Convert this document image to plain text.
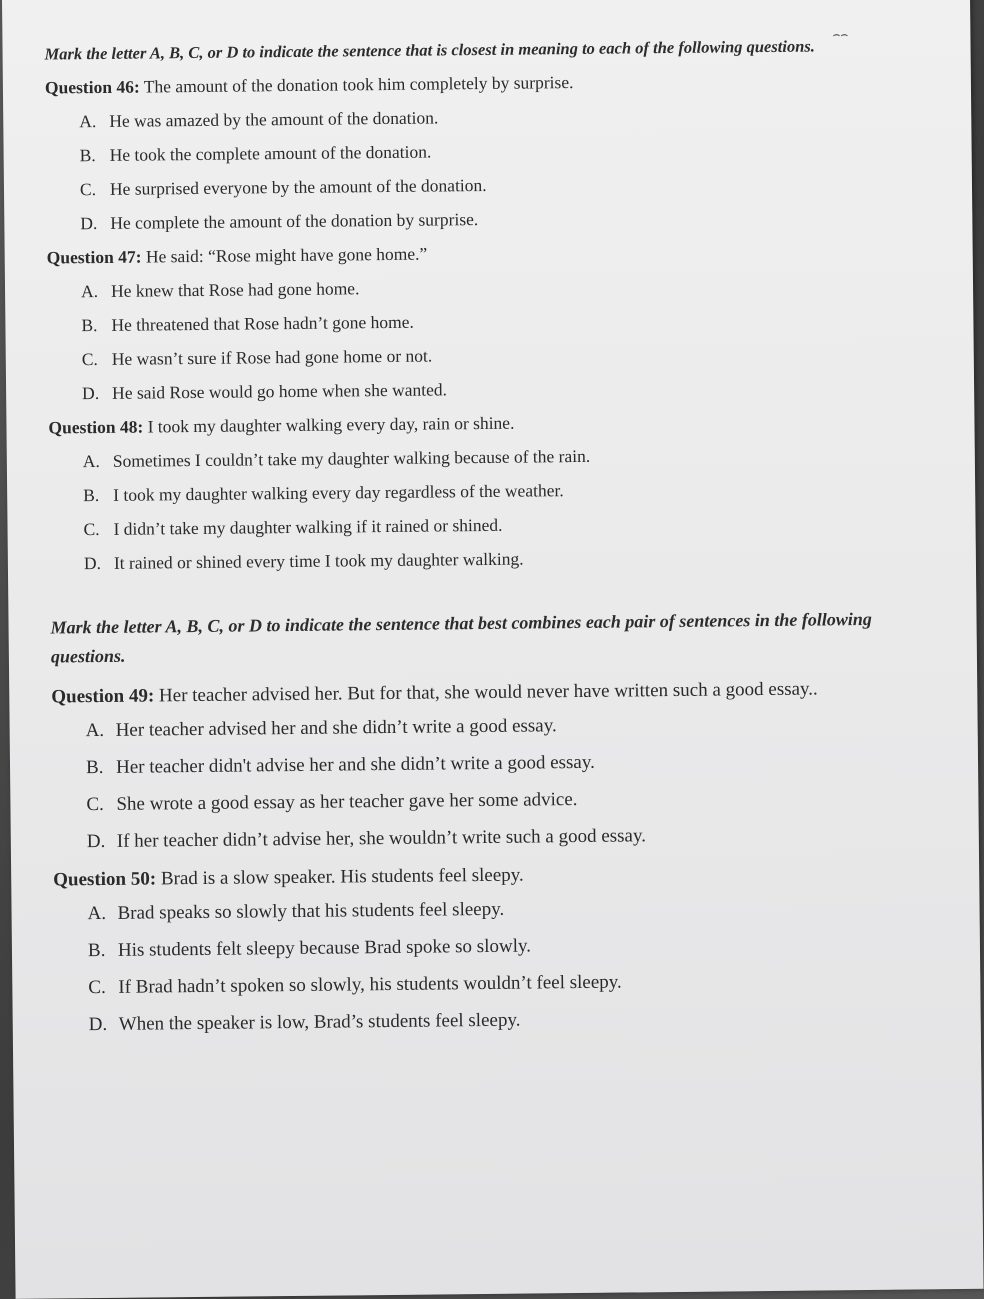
⌢⌢

Mark the letter A, B, C, or D to indicate the sentence that is closest in meaning to each of the following questions.

Question 46: The amount of the donation took him completely by surprise.

A. He was amazed by the amount of the donation.

B. He took the complete amount of the donation.

C. He surprised everyone by the amount of the donation.

D. He complete the amount of the donation by surprise.

Question 47: He said: “Rose might have gone home.”

A. He knew that Rose had gone home.

B. He threatened that Rose hadn’t gone home.

C. He wasn’t sure if Rose had gone home or not.

D. He said Rose would go home when she wanted.

Question 48: I took my daughter walking every day, rain or shine.

A. Sometimes I couldn’t take my daughter walking because of the rain.

B. I took my daughter walking every day regardless of the weather.

C. I didn’t take my daughter walking if it rained or shined.

D. It rained or shined every time I took my daughter walking.

Mark the letter A, B, C, or D to indicate the sentence that best combines each pair of sentences in the following questions.

Question 49: Her teacher advised her. But for that, she would never have written such a good essay..

A. Her teacher advised her and she didn’t write a good essay.

B. Her teacher didn't advise her and she didn’t write a good essay.

C. She wrote a good essay as her teacher gave her some advice.

D. If her teacher didn’t advise her, she wouldn’t write such a good essay.

Question 50: Brad is a slow speaker. His students feel sleepy.

A. Brad speaks so slowly that his students feel sleepy.

B. His students felt sleepy because Brad spoke so slowly.

C. If Brad hadn’t spoken so slowly, his students wouldn’t feel sleepy.

D. When the speaker is low, Brad’s students feel sleepy.
